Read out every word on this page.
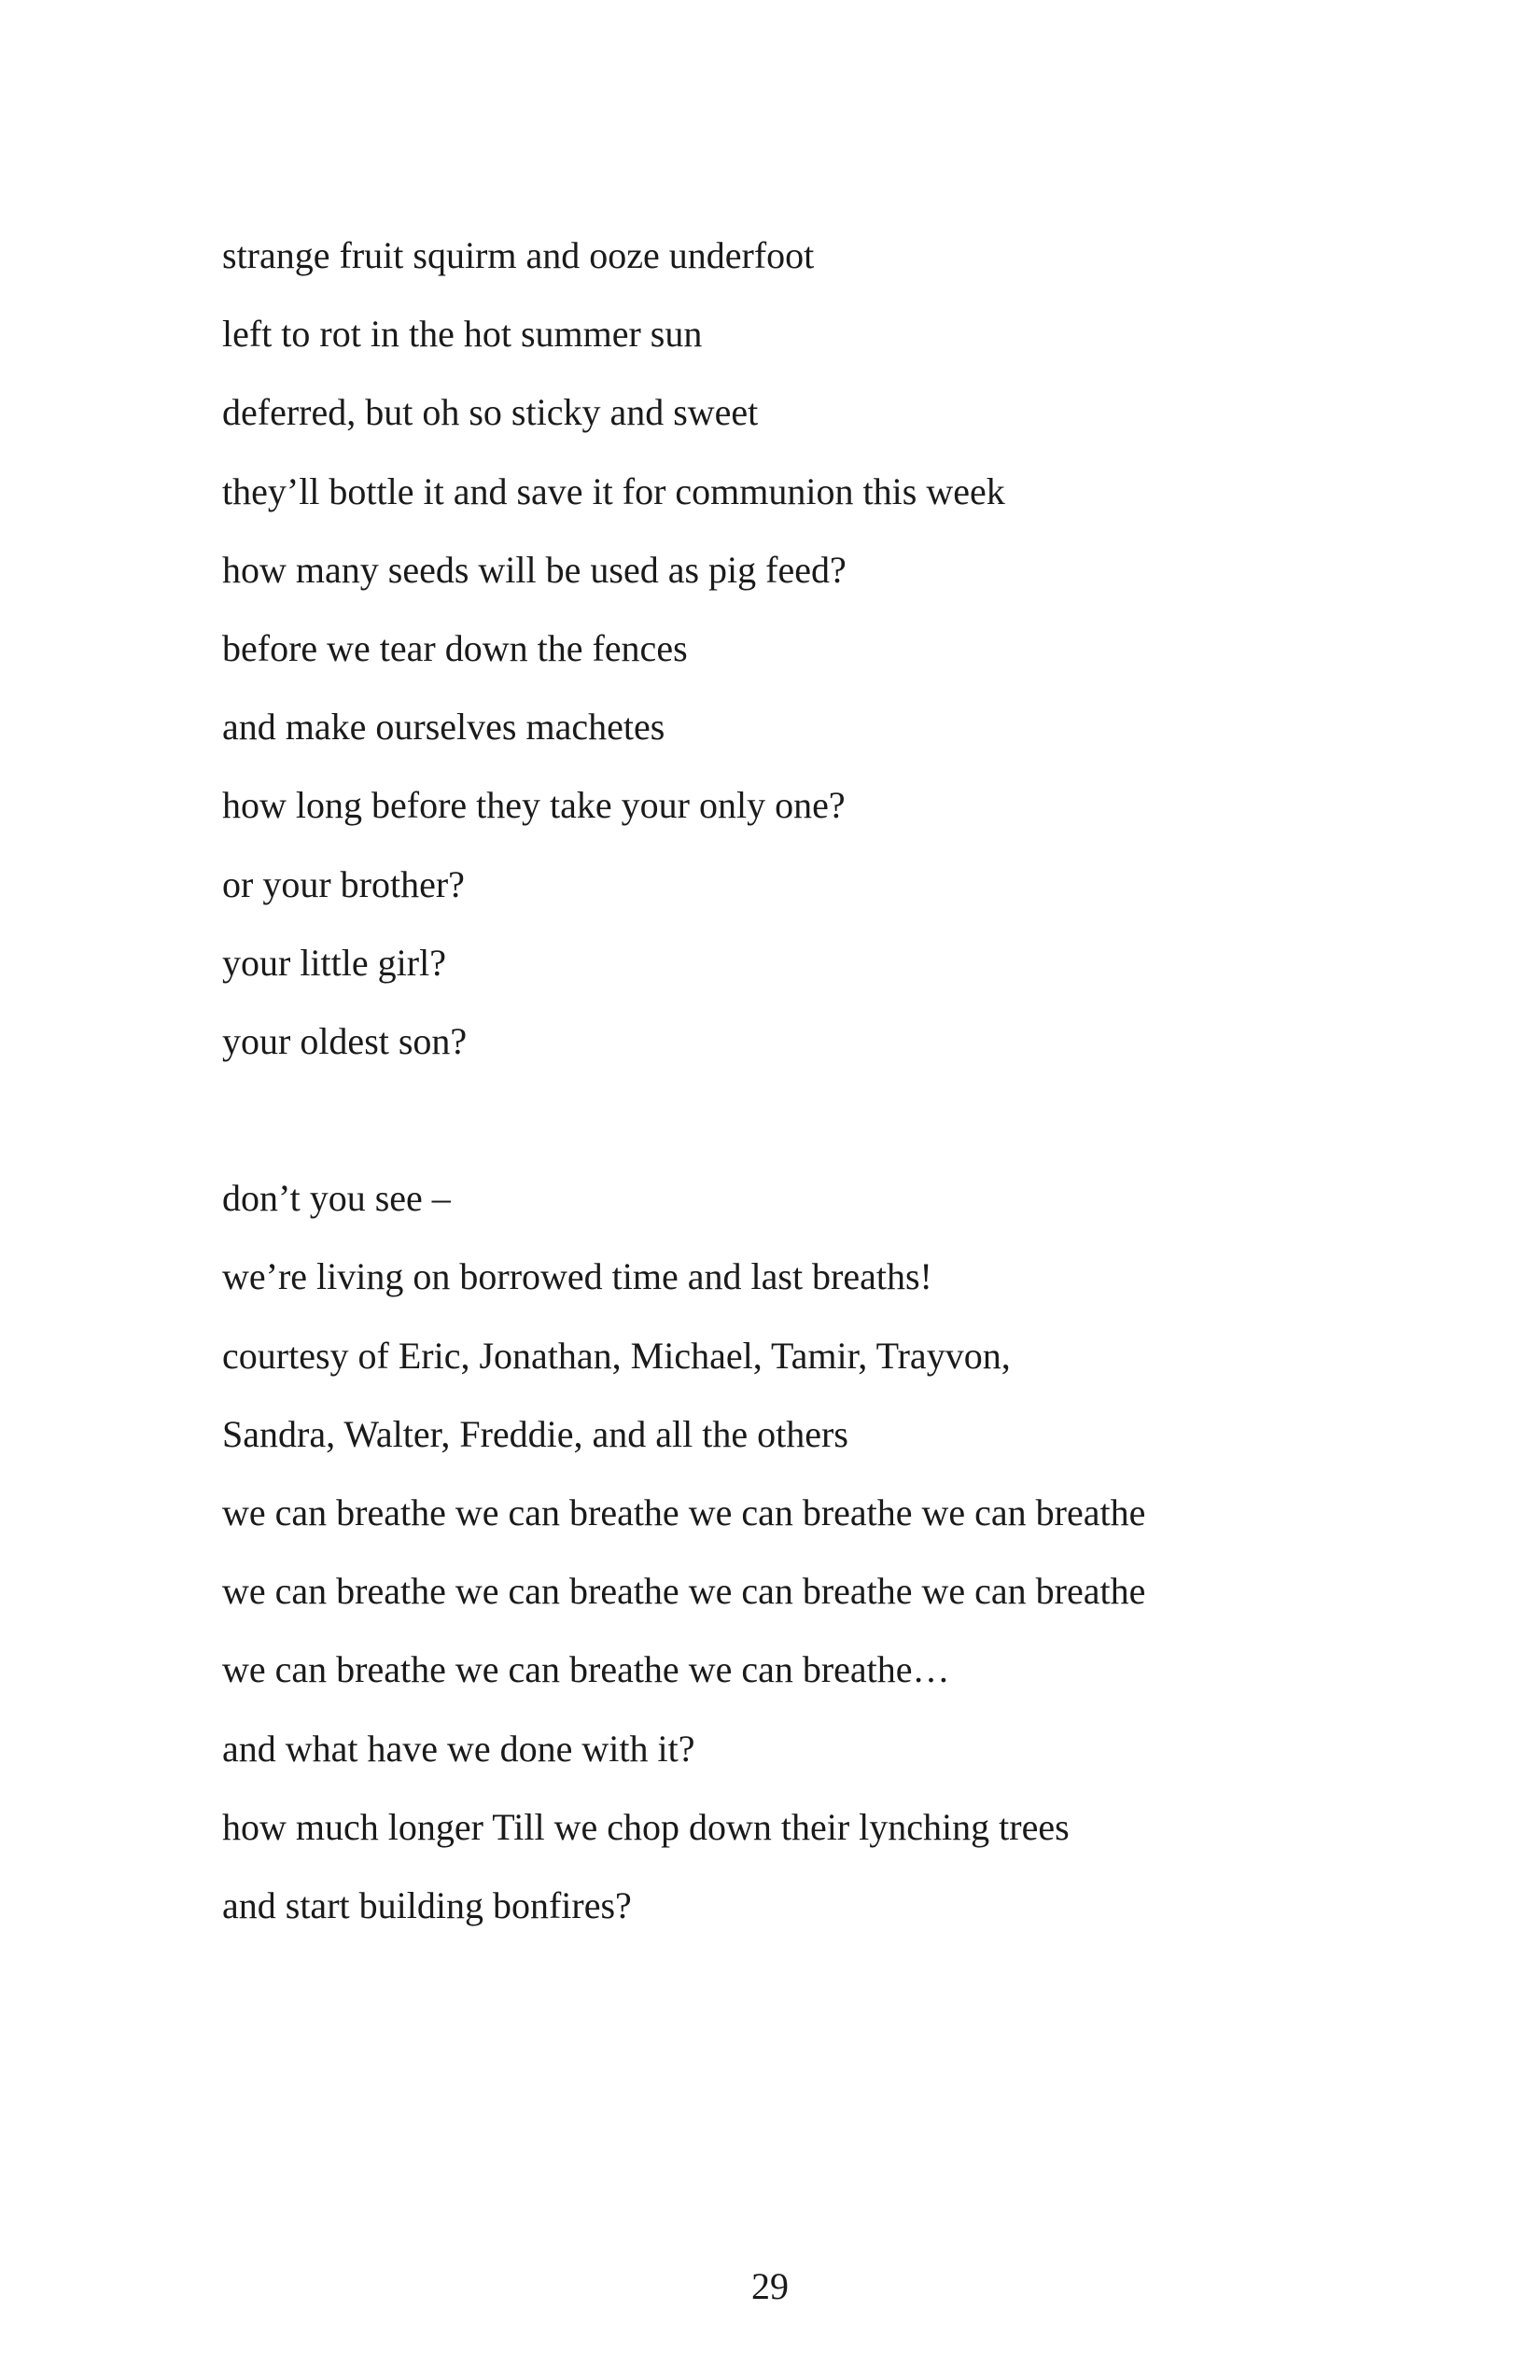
strange fruit squirm and ooze underfoot
left to rot in the hot summer sun
deferred, but oh so sticky and sweet
they’ll bottle it and save it for communion this week
how many seeds will be used as pig feed?
before we tear down the fences
and make ourselves machetes
how long before they take your only one?
or your brother?
your little girl?
your oldest son?
don’t you see –
we’re living on borrowed time and last breaths!
courtesy of Eric, Jonathan, Michael, Tamir, Trayvon,
Sandra, Walter, Freddie, and all the others
we can breathe we can breathe we can breathe we can breathe
we can breathe we can breathe we can breathe we can breathe
we can breathe we can breathe we can breathe…
and what have we done with it?
how much longer Till we chop down their lynching trees
and start building bonfires?
29
